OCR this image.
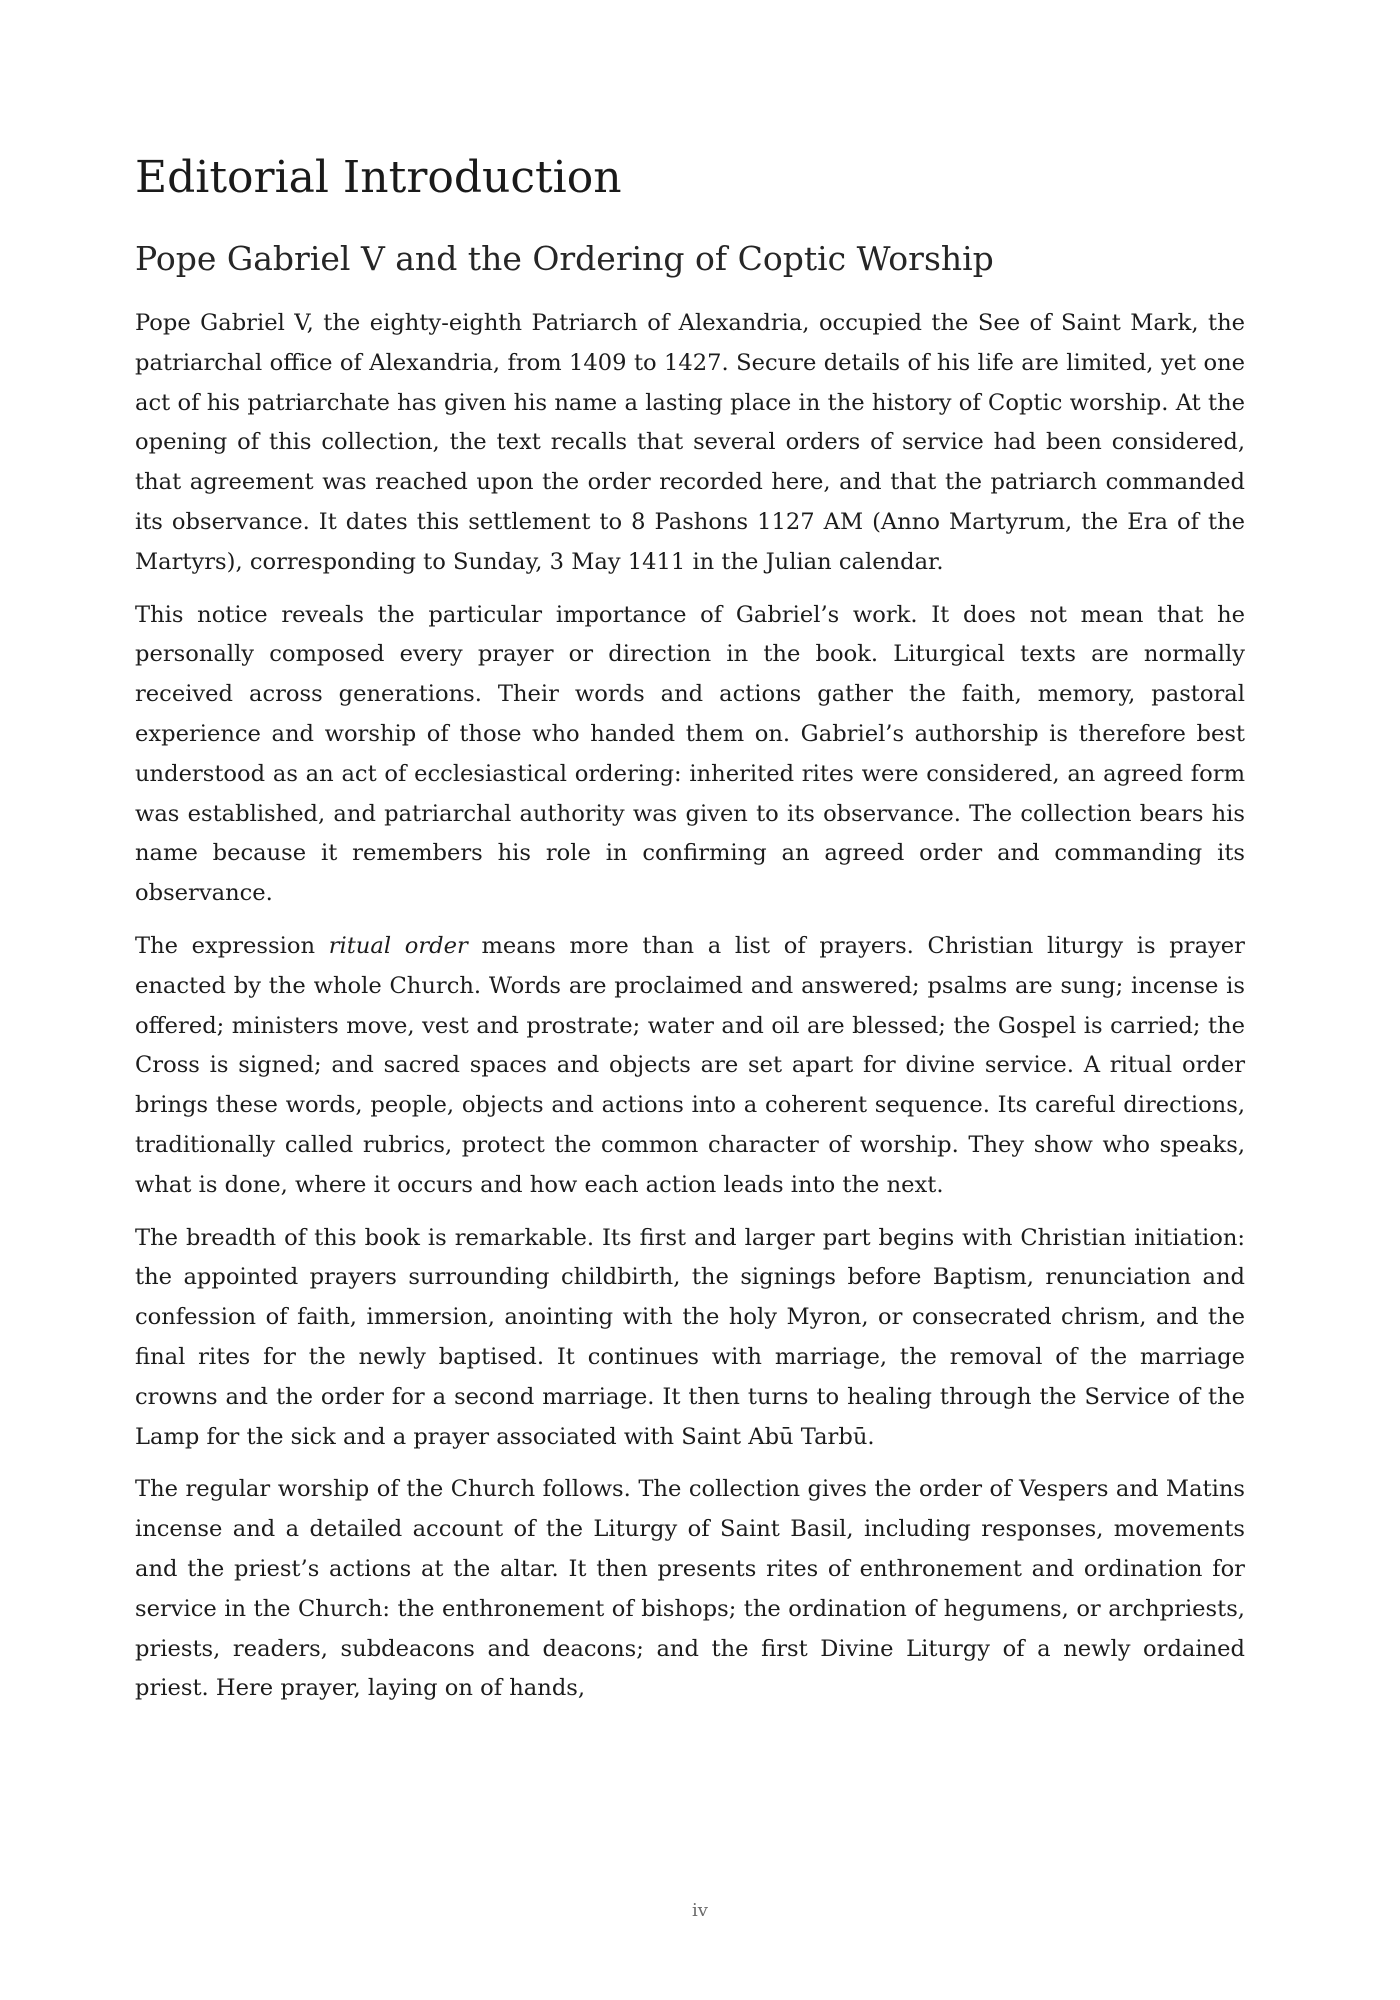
Editorial Introduction
Pope Gabriel V and the Ordering of Coptic Worship

Pope Gabriel V, the eighty-eighth Patriarch of Alexandria, occupied the See of Saint Mark, the patriarchal office of Alexandria, from 1409 to 1427. Secure details of his life are limited, yet one act of his patriarchate has given his name a lasting place in the history of Coptic worship. At the opening of this collection, the text recalls that several orders of service had been considered, that agreement was reached upon the order recorded here, and that the patriarch commanded its observance. It dates this settlement to 8 Pashons 1127 AM (Anno Martyrum, the Era of the Martyrs), corresponding to Sunday, 3 May 1411 in the Julian calendar.

This notice reveals the particular importance of Gabriel’s work. It does not mean that he personally composed every prayer or direction in the book. Liturgical texts are normally received across generations. Their words and actions gather the faith, memory, pastoral experience and worship of those who handed them on. Gabriel’s authorship is therefore best understood as an act of ecclesiastical ordering: inherited rites were considered, an agreed form was established, and patriarchal authority was given to its observance. The collection bears his name because it remembers his role in confirming an agreed order and commanding its observance.

The expression ritual order means more than a list of prayers. Christian liturgy is prayer enacted by the whole Church. Words are proclaimed and answered; psalms are sung; incense is offered; ministers move, vest and prostrate; water and oil are blessed; the Gospel is carried; the Cross is signed; and sacred spaces and objects are set apart for divine service. A ritual order brings these words, people, objects and actions into a coherent sequence. Its careful directions, traditionally called rubrics, protect the common character of worship. They show who speaks, what is done, where it occurs and how each action leads into the next.

The breadth of this book is remarkable. Its first and larger part begins with Christian initiation: the appointed prayers surrounding childbirth, the signings before Baptism, renunciation and confession of faith, immersion, anointing with the holy Myron, or consecrated chrism, and the final rites for the newly baptised. It continues with marriage, the removal of the marriage crowns and the order for a second marriage. It then turns to healing through the Service of the Lamp for the sick and a prayer associated with Saint Abū Tarbū.

The regular worship of the Church follows. The collection gives the order of Vespers and Matins incense and a detailed account of the Liturgy of Saint Basil, including responses, movements and the priest’s actions at the altar. It then presents rites of enthronement and ordination for service in the Church: the enthronement of bishops; the ordination of hegumens, or archpriests, priests, readers, subdeacons and deacons; and the first Divine Liturgy of a newly ordained priest. Here prayer, laying on of hands,

iv
